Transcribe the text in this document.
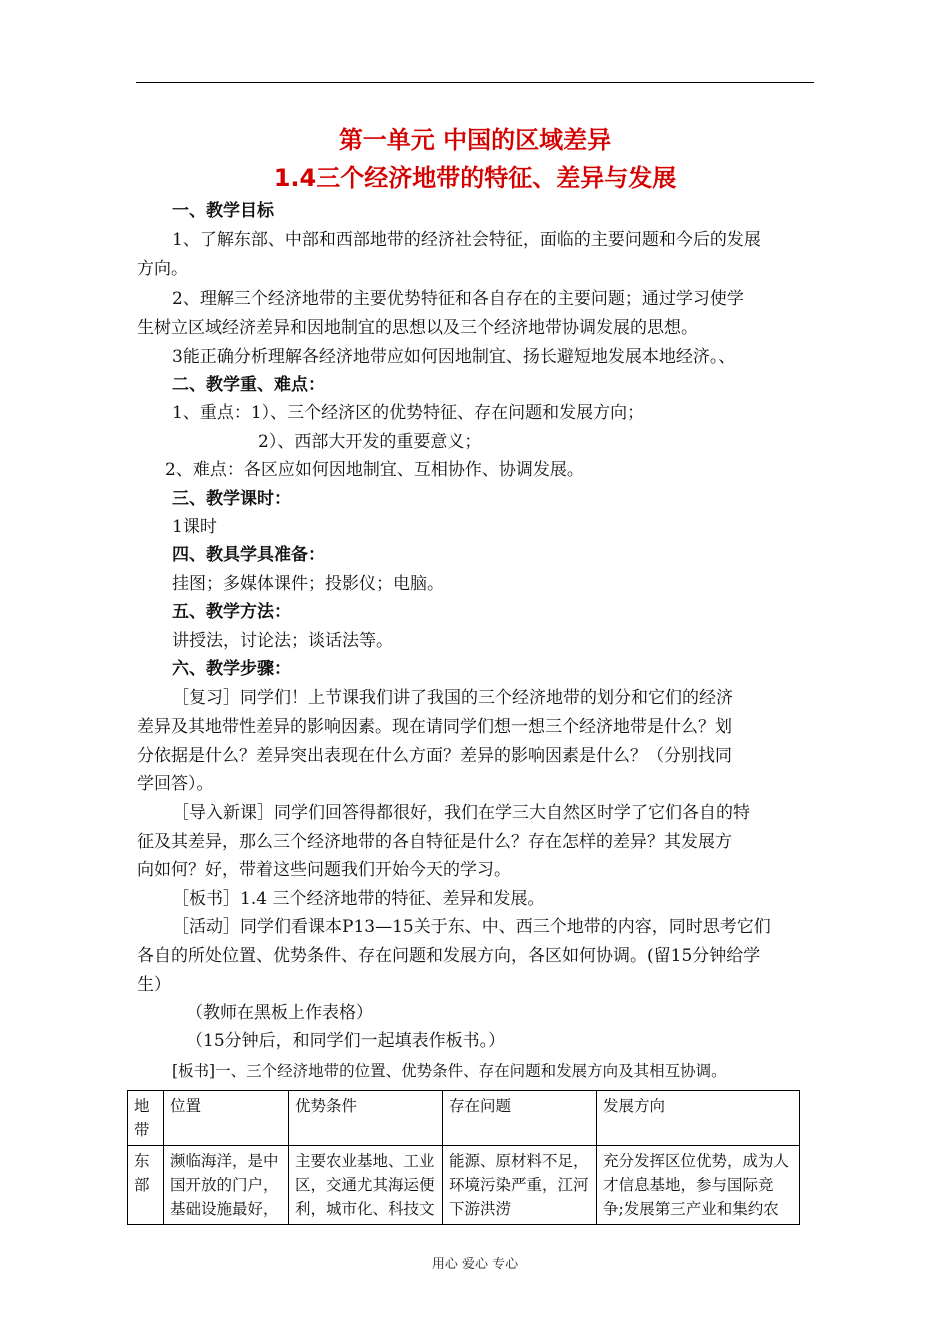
第一单元 中国的区域差异
1.4三个经济地带的特征、差异与发展
一、教学目标
1、了解东部、中部和西部地带的经济社会特征，面临的主要问题和今后的发展
方向。
2、理解三个经济地带的主要优势特征和各自存在的主要问题；通过学习使学
生树立区域经济差异和因地制宜的思想以及三个经济地带协调发展的思想。
3能正确分析理解各经济地带应如何因地制宜、扬长避短地发展本地经济。、
二、教学重、难点：
1、重点：1）、三个经济区的优势特征、存在问题和发展方向；
2）、西部大开发的重要意义；
2、难点：各区应如何因地制宜、互相协作、协调发展。
三、教学课时：
1课时
四、教具学具准备：
挂图；多媒体课件；投影仪；电脑。
五、教学方法：
讲授法，讨论法；谈话法等。
六、教学步骤：
［复习］同学们！上节课我们讲了我国的三个经济地带的划分和它们的经济
差异及其地带性差异的影响因素。现在请同学们想一想三个经济地带是什么？划
分依据是什么？差异突出表现在什么方面？差异的影响因素是什么？（分别找同
学回答）。
［导入新课］同学们回答得都很好，我们在学三大自然区时学了它们各自的特
征及其差异，那么三个经济地带的各自特征是什么？存在怎样的差异？其发展方
向如何？好，带着这些问题我们开始今天的学习。
［板书］1.4 三个经济地带的特征、差异和发展。
［活动］同学们看课本P13—15关于东、中、西三个地带的内容，同时思考它们
各自的所处位置、优势条件、存在问题和发展方向，各区如何协调。(留15分钟给学
生）
（教师在黑板上作表格）
（15分钟后，和同学们一起填表作板书。）
[板书]一、三个经济地带的位置、优势条件、存在问题和发展方向及其相互协调。
地带	位置	优势条件	存在问题	发展方向
东部	濒临海洋，是中国开放的门户，基础设施最好，	主要农业基地、工业区，交通尤其海运便利，城市化、科技文	能源、原材料不足，环境污染严重，江河下游洪涝	充分发挥区位优势，成为人才信息基地，参与国际竞争;发展第三产业和集约农
用心 爱心 专心
